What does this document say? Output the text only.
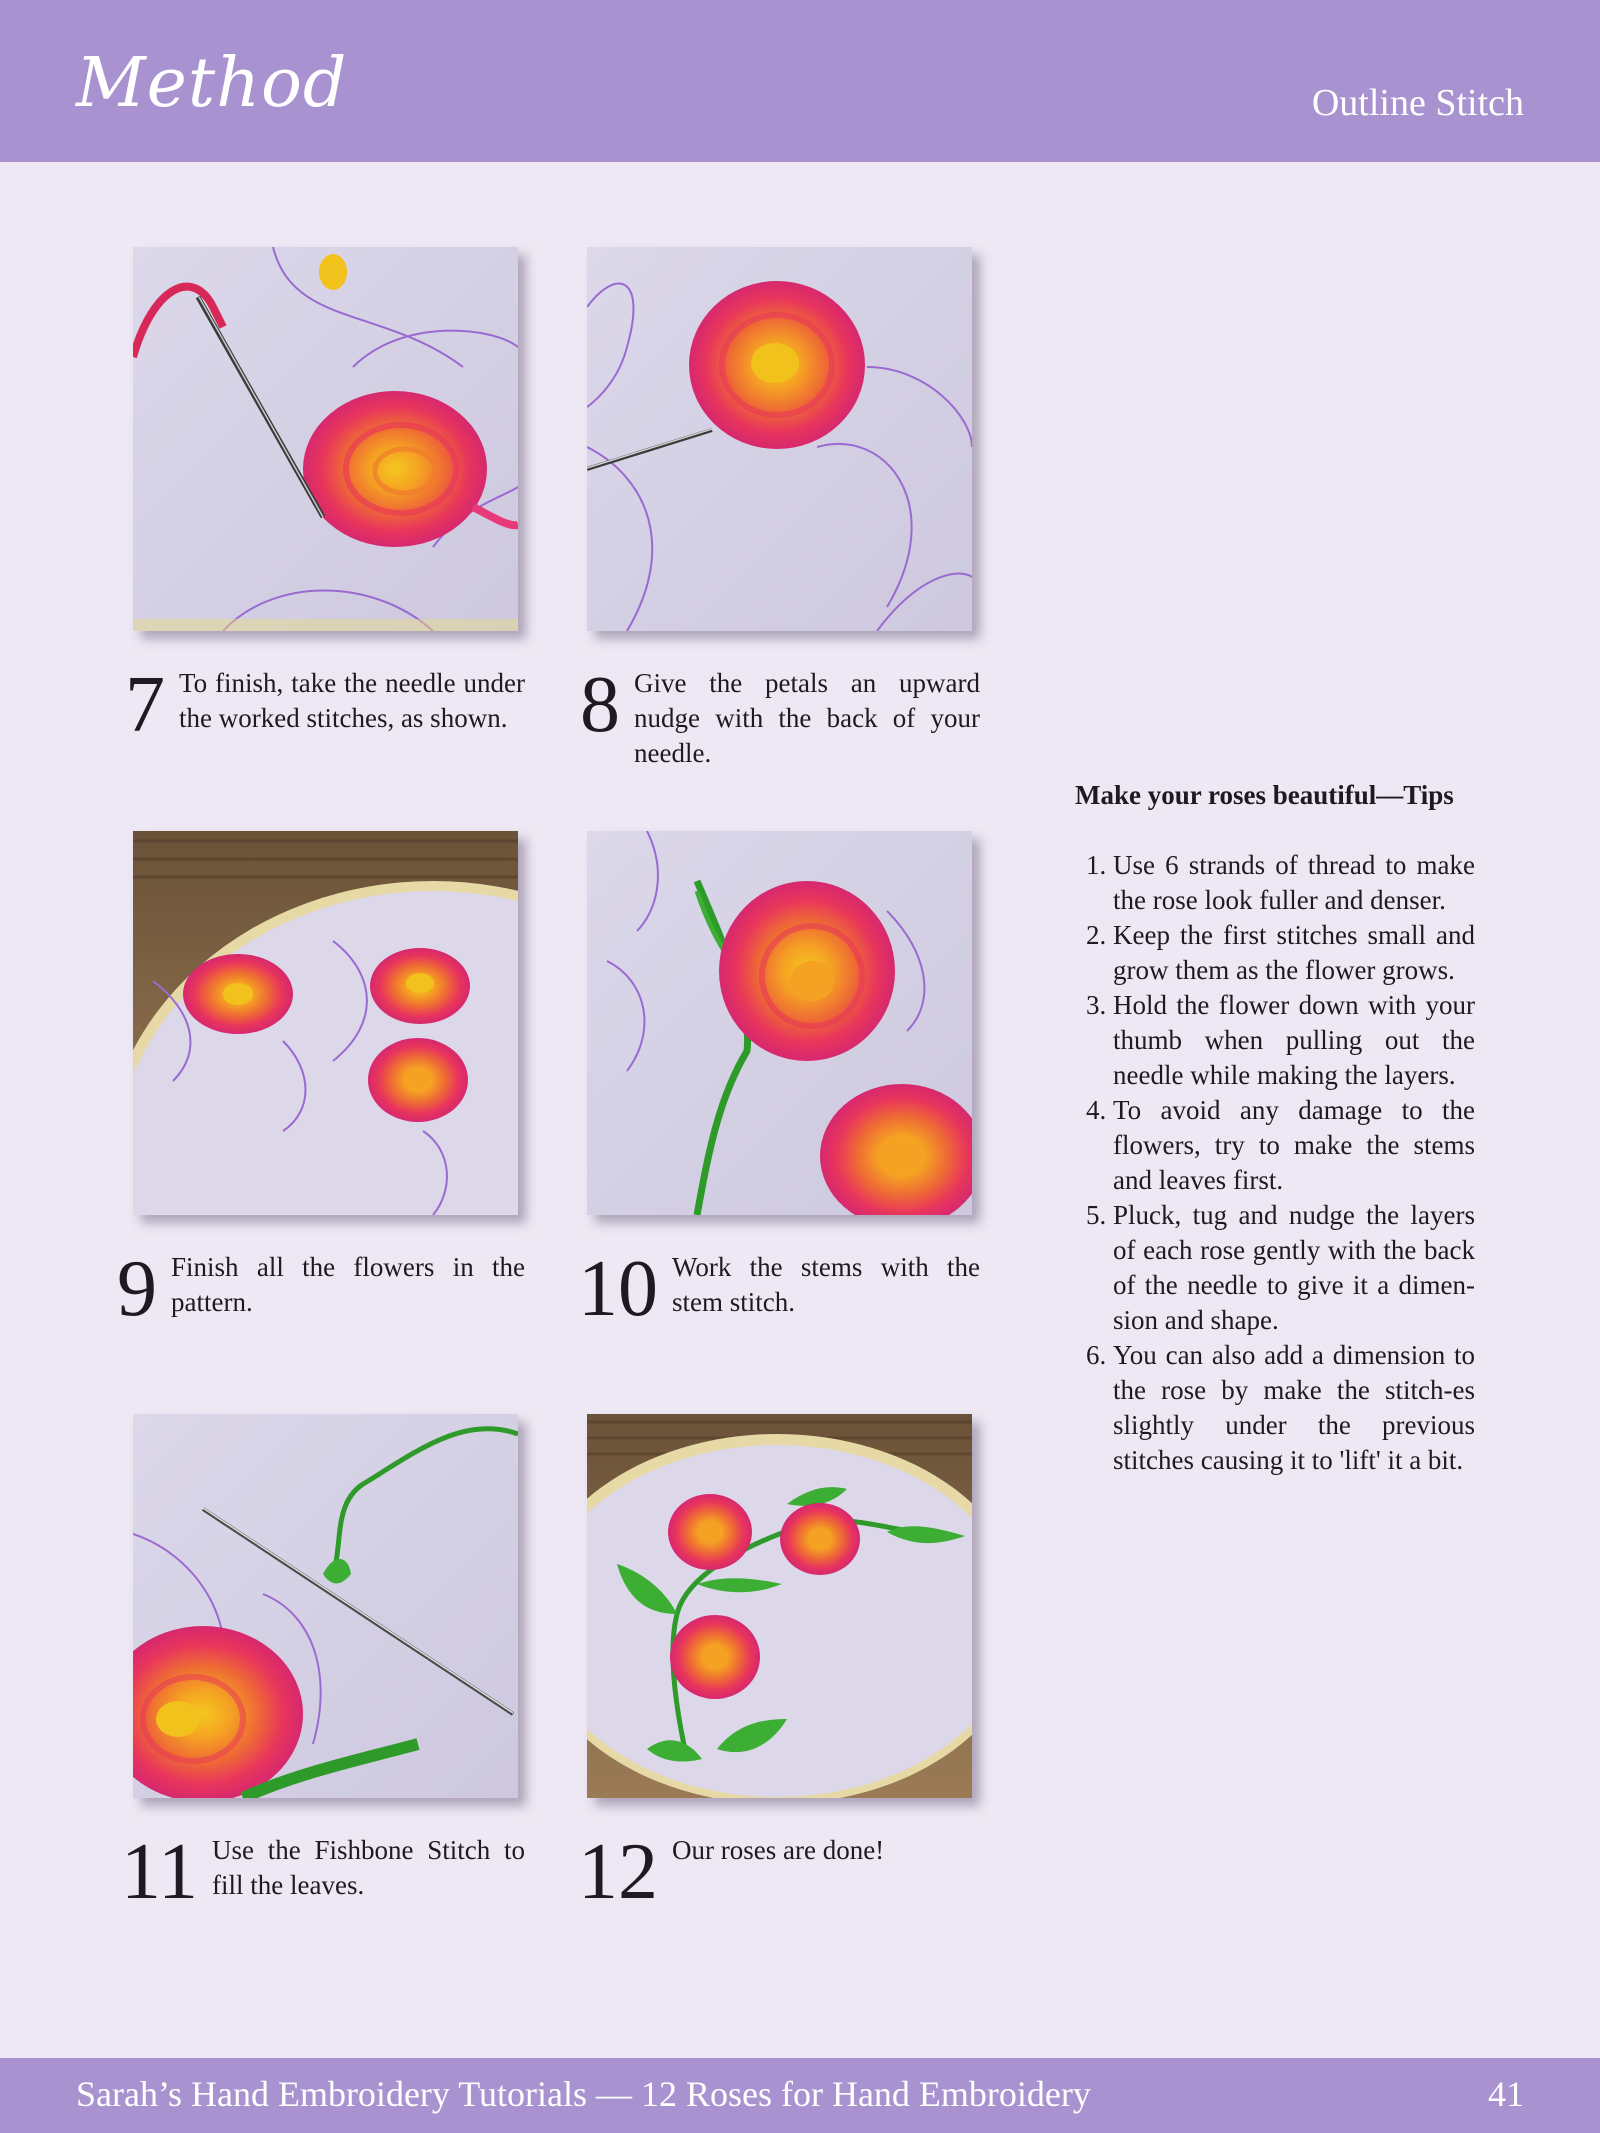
Method	Outline Stitch
7 To finish, take the needle under the worked stitches, as shown. 8 Give the petals an upward nudge with the back of your needle.
9 Finish all the flowers in the pattern.	10 Work the stems with the stem stitch.
11 Use the Fishbone Stitch to fill the leaves.	12 Our roses are done!
Make your roses beautiful—Tips
1. Use 6 strands of thread to make the rose look fuller and denser.
2. Keep the first stitches small and grow them as the flower grows.
3. Hold the flower down with your thumb when pulling out the needle while making the layers.
4. To avoid any damage to the flowers, try to make the stems and leaves first.
5. Pluck, tug and nudge the layers of each rose gently with the back of the needle to give it a dimen-sion and shape.
6. You can also add a dimension to the rose by make the stitch-es slightly under the previous stitches causing it to 'lift' it a bit.
Sarah’s Hand Embroidery Tutorials — 12 Roses for Hand Embroidery	41
